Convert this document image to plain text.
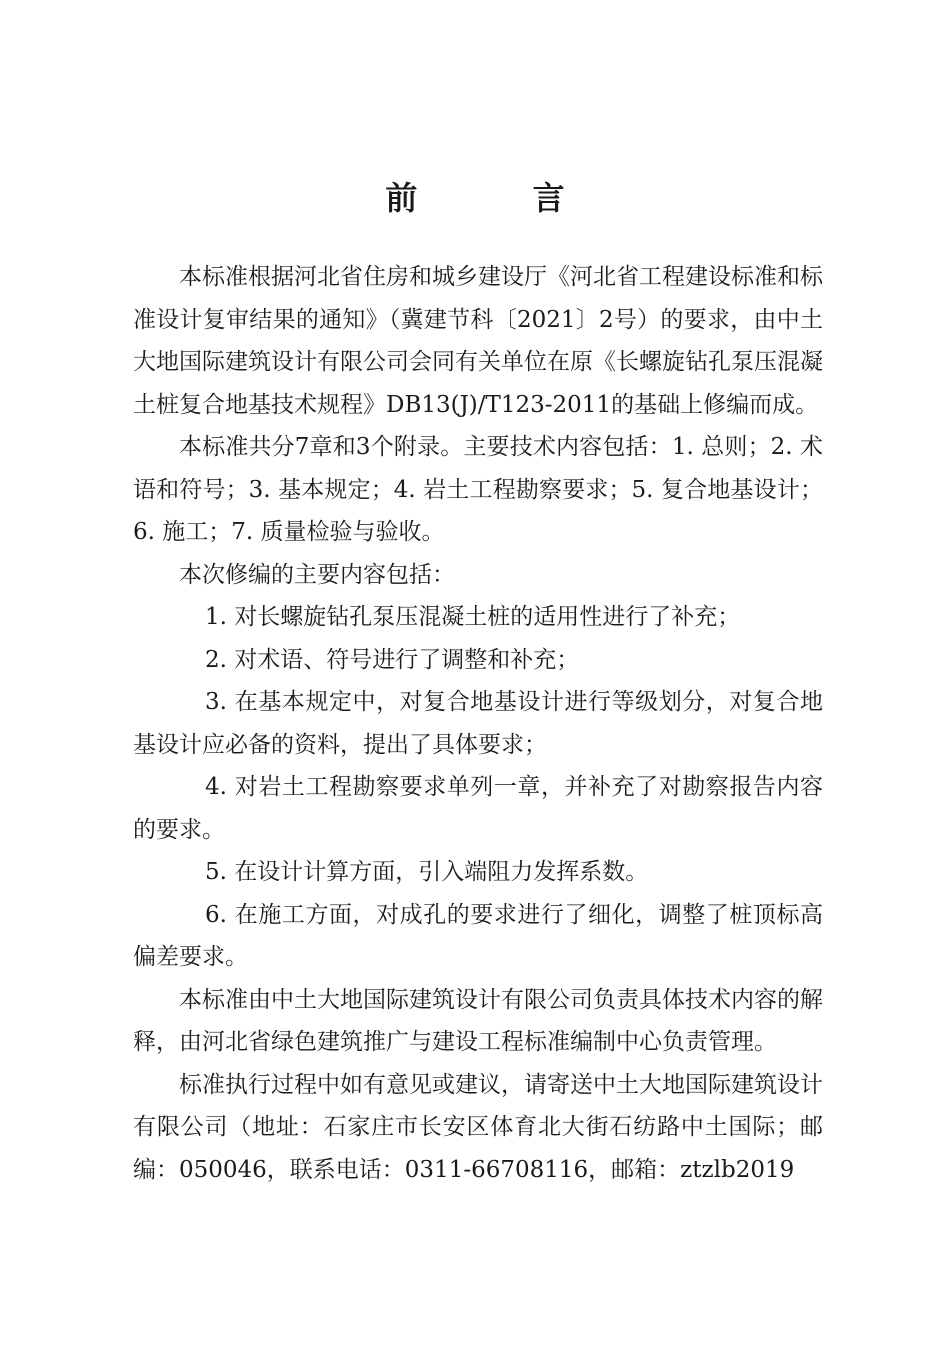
前 言

本标准根据河北省住房和城乡建设厅《河北省工程建设标准和标准设计复审结果的通知》（冀建节科〔2021〕2号）的要求，由中土大地国际建筑设计有限公司会同有关单位在原《长螺旋钻孔泵压混凝土桩复合地基技术规程》DB13(J)/T123-2011的基础上修编而成。

本标准共分7章和3个附录。主要技术内容包括：1. 总则；2. 术语和符号；3. 基本规定；4. 岩土工程勘察要求；5. 复合地基设计；6. 施工；7. 质量检验与验收。

本次修编的主要内容包括：

1. 对长螺旋钻孔泵压混凝土桩的适用性进行了补充；

2. 对术语、符号进行了调整和补充；

3. 在基本规定中，对复合地基设计进行等级划分，对复合地基设计应必备的资料，提出了具体要求；

4. 对岩土工程勘察要求单列一章，并补充了对勘察报告内容的要求。

5. 在设计计算方面，引入端阻力发挥系数。

6. 在施工方面，对成孔的要求进行了细化，调整了桩顶标高偏差要求。

本标准由中土大地国际建筑设计有限公司负责具体技术内容的解释，由河北省绿色建筑推广与建设工程标准编制中心负责管理。

标准执行过程中如有意见或建议，请寄送中土大地国际建筑设计有限公司（地址：石家庄市长安区体育北大街石纺路中土国际；邮编：050046，联系电话：0311-66708116，邮箱：ztzlb2019
